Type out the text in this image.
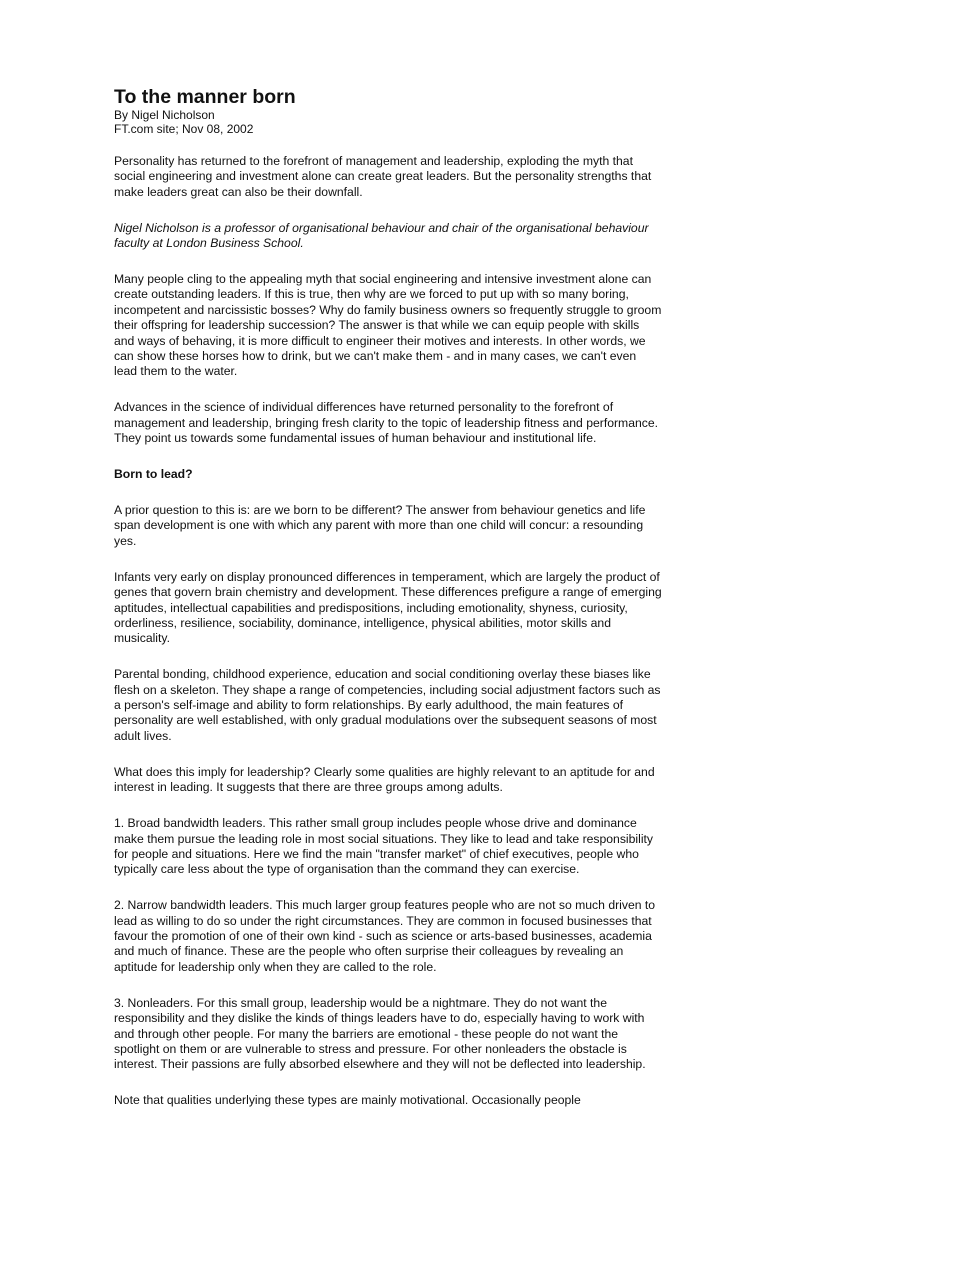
To the manner born
By Nigel Nicholson
FT.com site; Nov 08, 2002

Personality has returned to the forefront of management and leadership, exploding the myth that social engineering and investment alone can create great leaders. But the personality strengths that make leaders great can also be their downfall.

Nigel Nicholson is a professor of organisational behaviour and chair of the organisational behaviour faculty at London Business School.

Many people cling to the appealing myth that social engineering and intensive investment alone can create outstanding leaders. If this is true, then why are we forced to put up with so many boring, incompetent and narcissistic bosses? Why do family business owners so frequently struggle to groom their offspring for leadership succession? The answer is that while we can equip people with skills and ways of behaving, it is more difficult to engineer their motives and interests. In other words, we can show these horses how to drink, but we can't make them - and in many cases, we can't even lead them to the water.

Advances in the science of individual differences have returned personality to the forefront of management and leadership, bringing fresh clarity to the topic of leadership fitness and performance. They point us towards some fundamental issues of human behaviour and institutional life.

Born to lead?

A prior question to this is: are we born to be different? The answer from behaviour genetics and life span development is one with which any parent with more than one child will concur: a resounding yes.

Infants very early on display pronounced differences in temperament, which are largely the product of genes that govern brain chemistry and development. These differences prefigure a range of emerging aptitudes, intellectual capabilities and predispositions, including emotionality, shyness, curiosity, orderliness, resilience, sociability, dominance, intelligence, physical abilities, motor skills and musicality.

Parental bonding, childhood experience, education and social conditioning overlay these biases like flesh on a skeleton. They shape a range of competencies, including social adjustment factors such as a person's self-image and ability to form relationships. By early adulthood, the main features of personality are well established, with only gradual modulations over the subsequent seasons of most adult lives.

What does this imply for leadership? Clearly some qualities are highly relevant to an aptitude for and interest in leading. It suggests that there are three groups among adults.

1. Broad bandwidth leaders. This rather small group includes people whose drive and dominance make them pursue the leading role in most social situations. They like to lead and take responsibility for people and situations. Here we find the main "transfer market" of chief executives, people who typically care less about the type of organisation than the command they can exercise.

2. Narrow bandwidth leaders. This much larger group features people who are not so much driven to lead as willing to do so under the right circumstances. They are common in focused businesses that favour the promotion of one of their own kind - such as science or arts-based businesses, academia and much of finance. These are the people who often surprise their colleagues by revealing an aptitude for leadership only when they are called to the role.

3. Nonleaders. For this small group, leadership would be a nightmare. They do not want the responsibility and they dislike the kinds of things leaders have to do, especially having to work with and through other people. For many the barriers are emotional - these people do not want the spotlight on them or are vulnerable to stress and pressure. For other nonleaders the obstacle is interest. Their passions are fully absorbed elsewhere and they will not be deflected into leadership.

Note that qualities underlying these types are mainly motivational. Occasionally people
